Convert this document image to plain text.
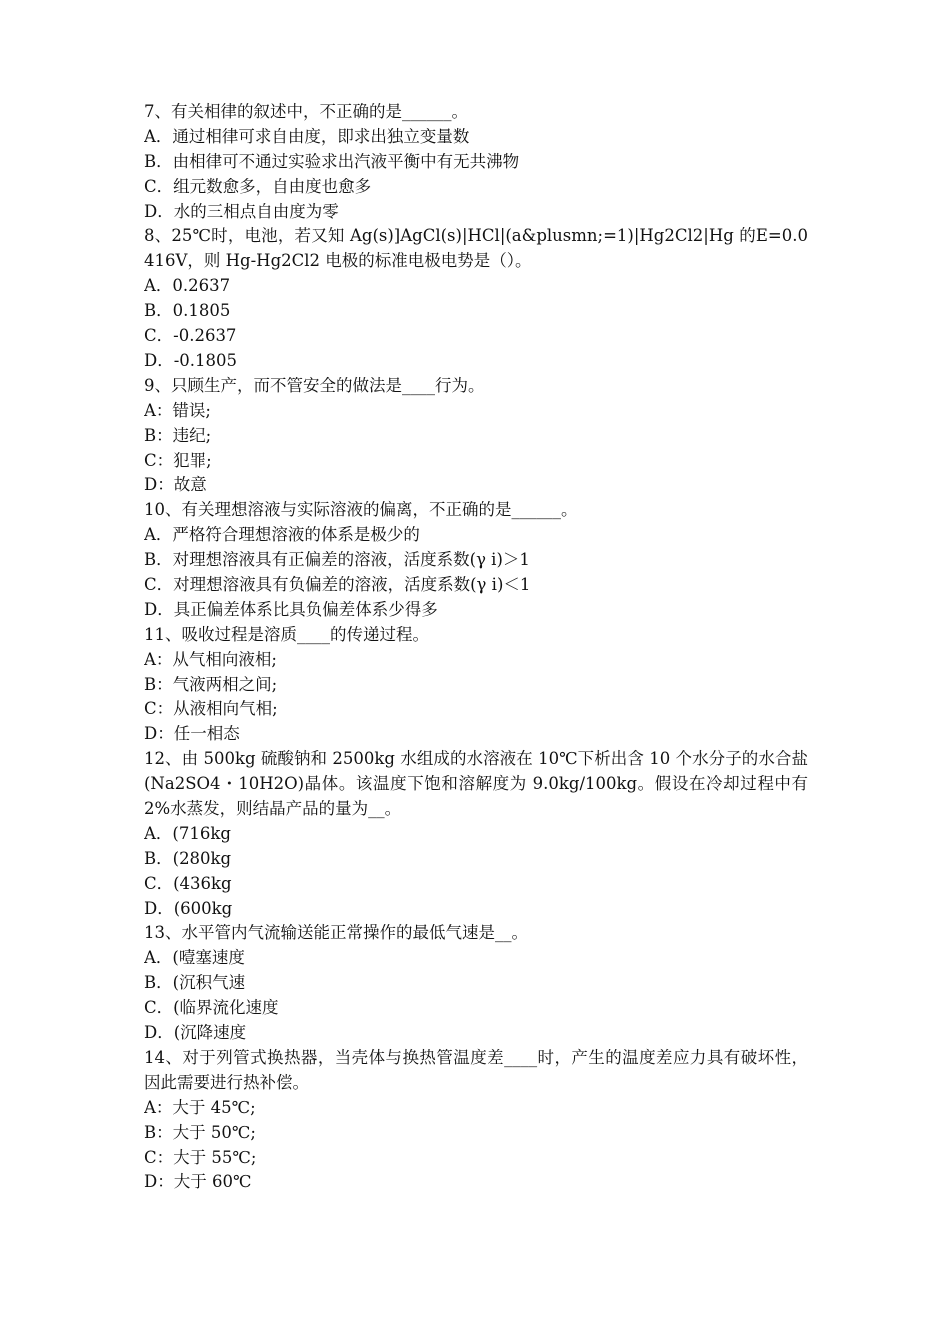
7、有关相律的叙述中，不正确的是______。
A．通过相律可求自由度，即求出独立变量数
B．由相律可不通过实验求出汽液平衡中有无共沸物
C．组元数愈多，自由度也愈多
D．水的三相点自由度为零
8、25℃时，电池，若又知 Ag(s)]AgCl(s)|HCl|(a&plusmn;=1)|Hg2Cl2|Hg 的E=0.0416V，则 Hg-Hg2Cl2 电极的标准电极电势是（）。
A．0.2637
B．0.1805
C．-0.2637
D．-0.1805
9、只顾生产，而不管安全的做法是____行为。
A：错误;
B：违纪;
C：犯罪;
D：故意
10、有关理想溶液与实际溶液的偏离，不正确的是______。
A．严格符合理想溶液的体系是极少的
B．对理想溶液具有正偏差的溶液，活度系数(γ i)＞1
C．对理想溶液具有负偏差的溶液，活度系数(γ i)＜1
D．具正偏差体系比具负偏差体系少得多
11、吸收过程是溶质____的传递过程。
A：从气相向液相;
B：气液两相之间;
C：从液相向气相;
D：任一相态
12、由 500kg 硫酸钠和 2500kg 水组成的水溶液在 10℃下析出含 10 个水分子的水合盐(Na2SO4・10H2O)晶体。该温度下饱和溶解度为 9.0kg/100kg。假设在冷却过程中有 2%水蒸发，则结晶产品的量为__。
A．(716kg
B．(280kg
C．(436kg
D．(600kg
13、水平管内气流输送能正常操作的最低气速是__。
A．(噎塞速度
B．(沉积气速
C．(临界流化速度
D．(沉降速度
14、对于列管式换热器，当壳体与换热管温度差____时，产生的温度差应力具有破坏性，因此需要进行热补偿。
A：大于 45℃;
B：大于 50℃;
C：大于 55℃;
D：大于 60℃
